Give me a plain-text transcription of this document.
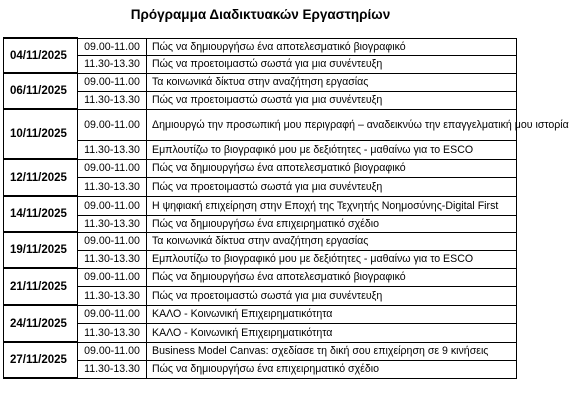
Πρόγραμμα Διαδικτυακών Εργαστηρίων
04/11/2025	09.00-11.00	Πώς να δημιουργήσω ένα αποτελεσματικό βιογραφικό
	11.30-13.30	Πώς να προετοιμαστώ σωστά για μια συνέντευξη
06/11/2025	09.00-11.00	Τα κοινωνικά δίκτυα στην αναζήτηση εργασίας
	11.30-13.30	Πώς να προετοιμαστώ σωστά για μια συνέντευξη
10/11/2025	09.00-11.00	Δημιουργώ την προσωπική μου περιγραφή – αναδεικνύω την επαγγελματική μου ιστορία
	11.30-13.30	Εμπλουτίζω το βιογραφικό μου με δεξιότητες - μαθαίνω για το ESCO
12/11/2025	09.00-11.00	Πώς να δημιουργήσω ένα αποτελεσματικό βιογραφικό
	11.30-13.30	Πώς να προετοιμαστώ σωστά για μια συνέντευξη
14/11/2025	09.00-11.00	Η ψηφιακή επιχείρηση στην Εποχή της Τεχνητής Νοημοσύνης-Digital First
	11.30-13.30	Πώς να δημιουργήσω ένα επιχειρηματικό σχέδιο
19/11/2025	09.00-11.00	Τα κοινωνικά δίκτυα στην αναζήτηση εργασίας
	11.30-13.30	Εμπλουτίζω το βιογραφικό μου με δεξιότητες - μαθαίνω για το ESCO
21/11/2025	09.00-11.00	Πώς να δημιουργήσω ένα αποτελεσματικό βιογραφικό
	11.30-13.30	Πώς να προετοιμαστώ σωστά για μια συνέντευξη
24/11/2025	09.00-11.00	ΚΑΛΟ - Κοινωνική Επιχειρηματικότητα
	11.30-13.30	ΚΑΛΟ - Κοινωνική Επιχειρηματικότητα
27/11/2025	09.00-11.00	Business Model Canvas: σχεδίασε τη δική σου επιχείρηση σε 9 κινήσεις
	11.30-13.30	Πώς να δημιουργήσω ένα επιχειρηματικό σχέδιο
